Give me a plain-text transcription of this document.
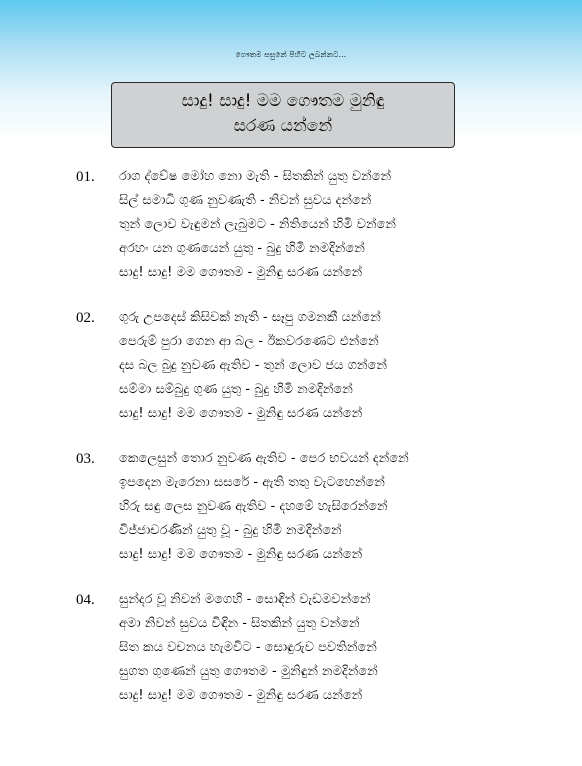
ගෞතම සසුනේ පිහිට ලබන්නට...
සාදු! සාදු! මම ගෞතම මුනිඳු
සරණ යන්නේ
01. රාග ද්වේෂ මෝහ නො මැති - සිතකින් යුතු වන්නේ
සිල් සමාධි ගුණ නුවණැති - නිවන් සුවය දන්නේ
තුන් ලොව වැඳුමන් ලැබුමට - නිතියෙන් හිමි වන්නේ
අරහං යන ගුණයෙන් යුතු - බුදු හිමි නමදින්නේ
සාදු! සාදු! මම ගෞතම - මුනිඳු සරණ යන්නේ
02. ගුරු උපදෙස් කිසිවක් නැති - සෑපු ගමනකී යන්නේ
පෙරුම් පුරා ගෙන ආ බල - ඊකවරණෙට එන්නේ
දස බල බුදු නුවණ ඇතිව - තුන් ලොව ජය ගන්නේ
සම්මා සම්බුදු ගුණ යුතු - බුදු හිමි නමදින්නේ
සාදු! සාදු! මම ගෞතම - මුනිඳු සරණ යන්නේ
03. කෙලෙසුන් තොර නුවණ ඇතිව - පෙර භවයන් දන්නේ
ඉපදෙන මැරෙනා සසරේ - ඇති තතු වැටහෙන්නේ
හිරු සඳු ලෙස නුවණ ඇතිව - දහමේ හැසිරෙන්නේ
විජ්ජාචරණින් යුතු වූ - බුදු හිමි නමදින්නේ
සාදු! සාදු! මම ගෞතම - මුනිඳු සරණ යන්නේ
04. සුන්දර වූ නිවන් මගෙහි - සොඳින් වැඩමවන්නේ
අමා නිවන් සුවය විඳින - සිතකින් යුතු වන්නේ
සිත කය වචනය හැමවිට - සොඳුරුව පවතින්නේ
සුගත ගුණෙන් යුතු ගෞතම - මුනිඳුන් නමදින්නේ
සාදු! සාදු! මම ගෞතම - මුනිඳු සරණ යන්නේ
